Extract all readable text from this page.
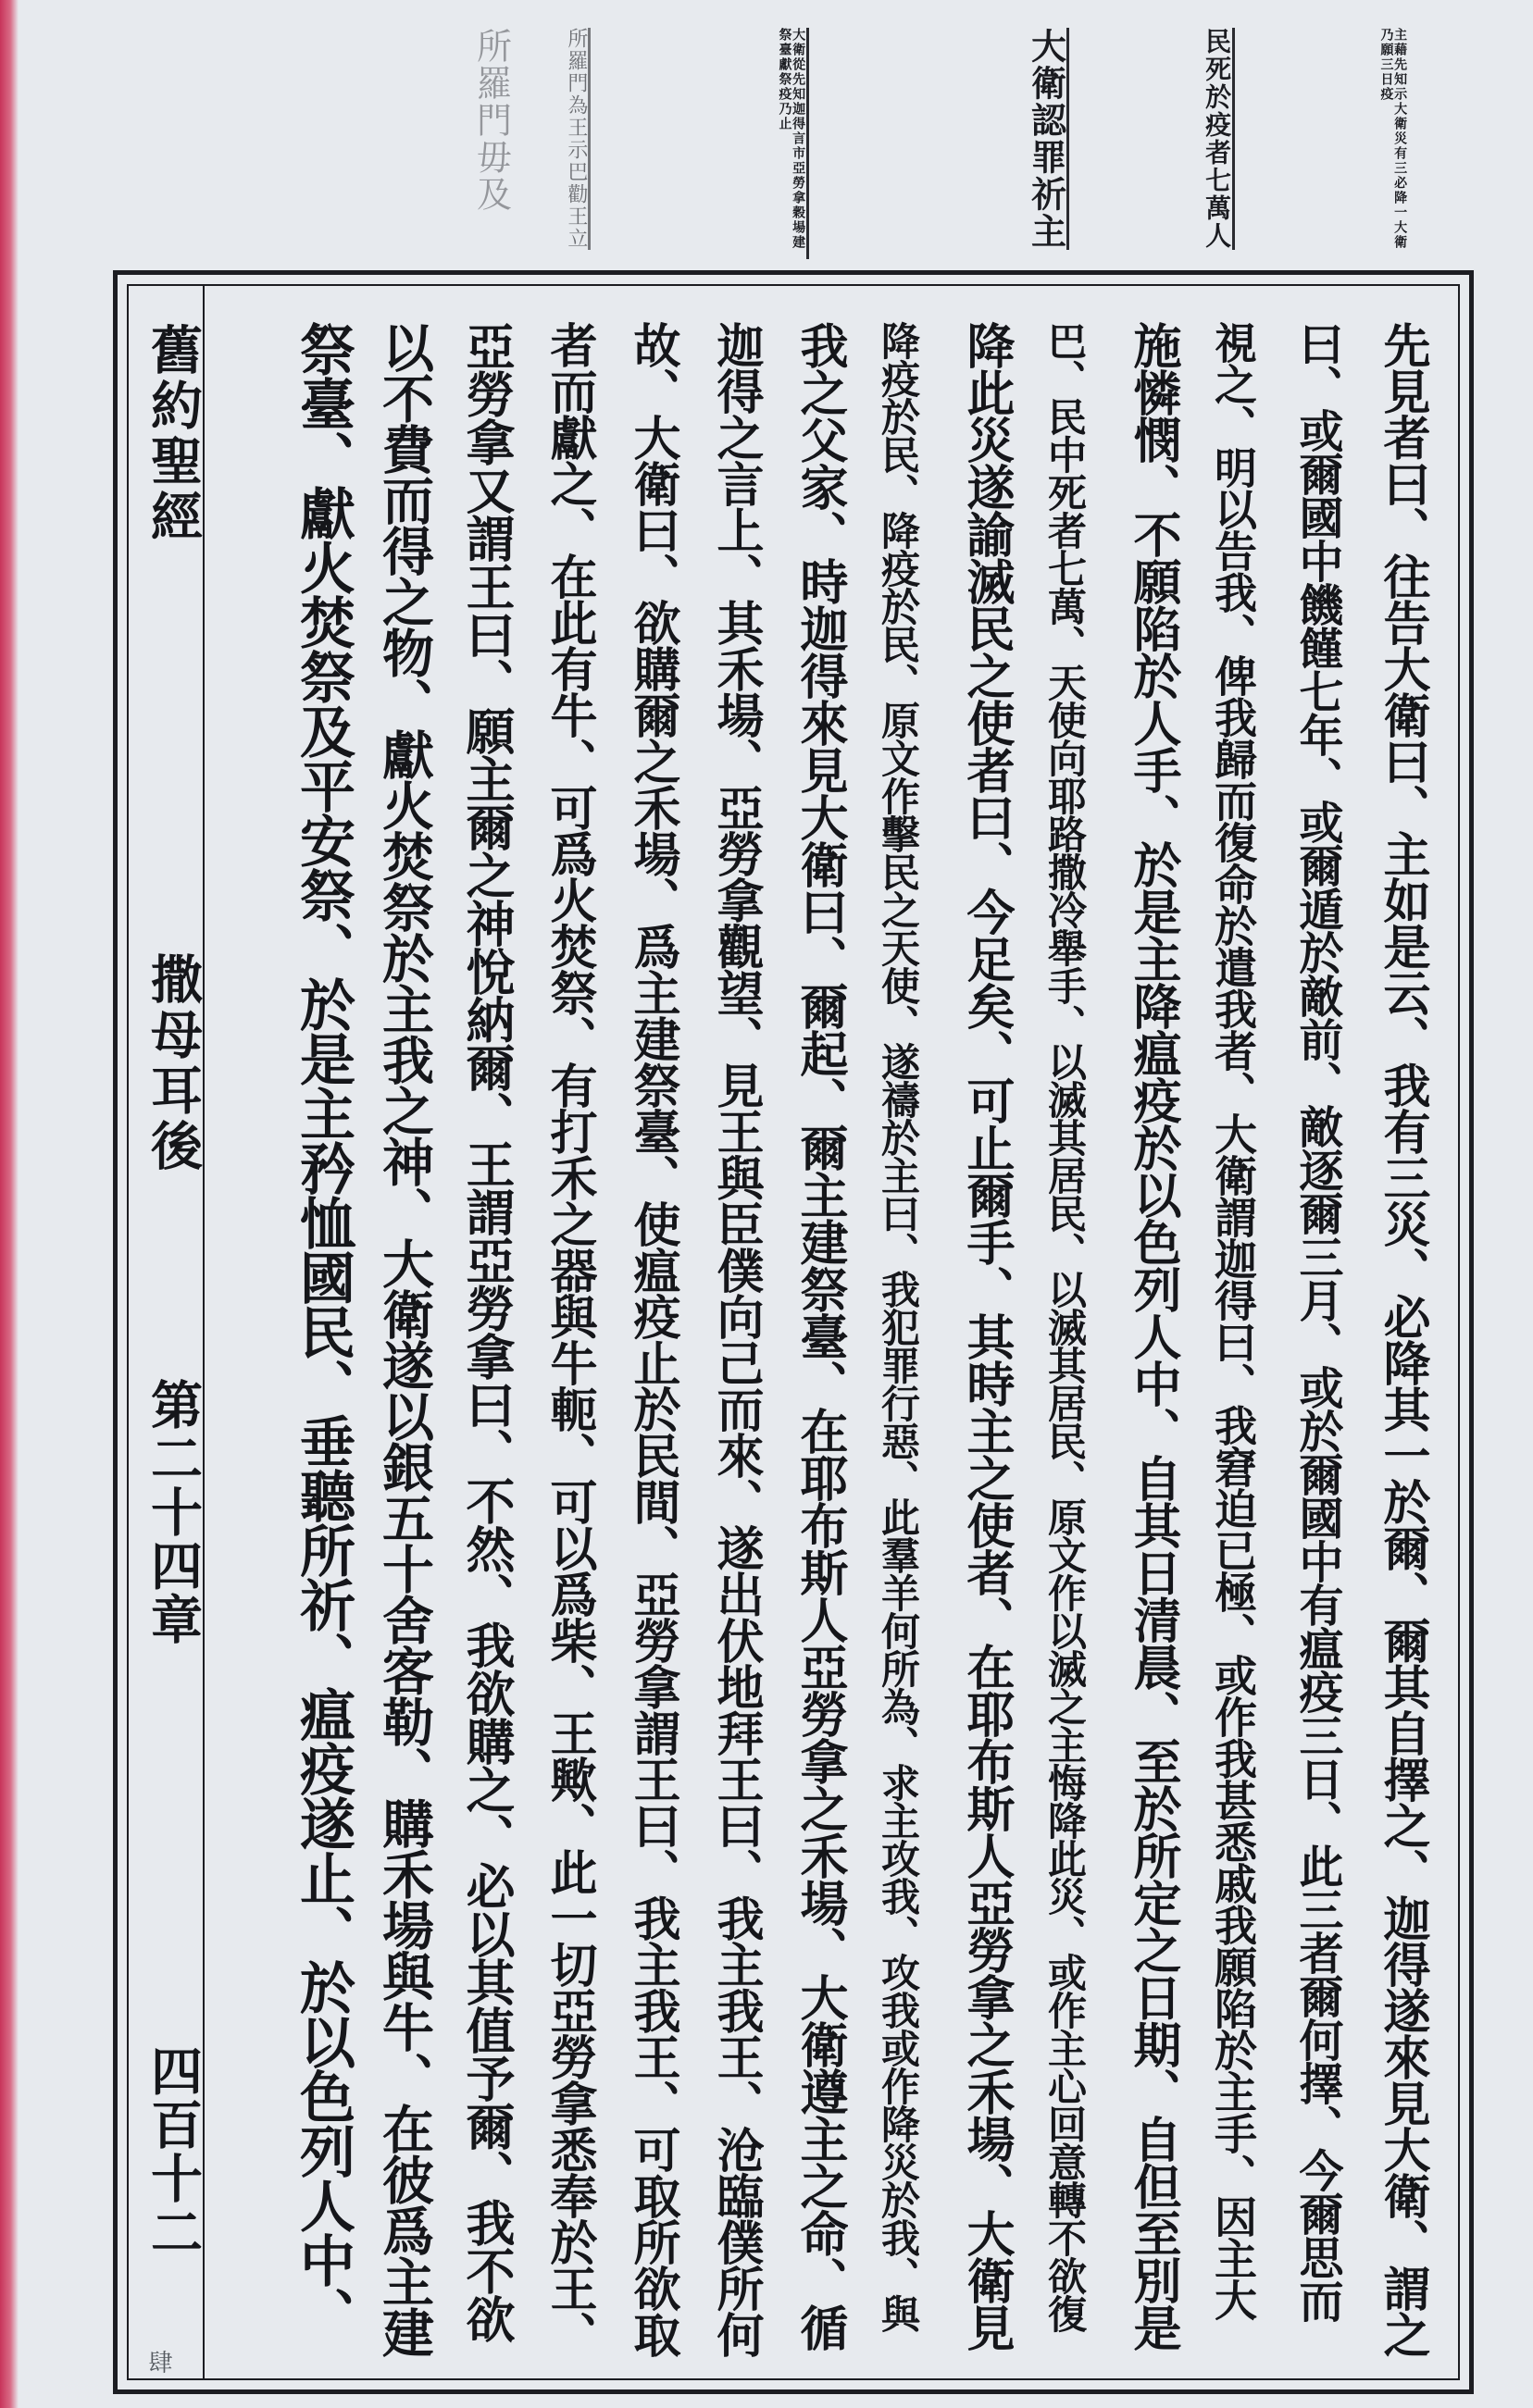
主藉先知示大衛災有三必降一大衛乃願三日疫
民死於疫者七萬人
大衛認罪祈主
大衛從先知迦得言市亞勞拿穀場建祭臺獻祭疫乃止
所羅門為王示巴勸王立
所羅門毋及
舊約聖經
撒母耳後
第二十四章
四百十二
肆
先見者曰、往告大衛曰、主如是云、我有三災、必降其一於爾、爾其自擇之、迦得遂來見大衛、謂之
曰、或爾國中饑饉七年、或爾遁於敵前、敵逐爾三月、或於爾國中有瘟疫三日、此三者爾何擇、今爾思而
視之、明以告我、俾我歸而復命於遣我者、大衛謂迦得曰、我窘迫已極、或作我甚悉戚我願陷於主手、因主大
施憐憫、不願陷於人手、於是主降瘟疫於以色列人中、自其日清晨、至於所定之日期、自但至別是
巴、民中死者七萬、天使向耶路撒冷舉手、以滅其居民、以滅其居民、原文作以滅之主悔降此災、或作主心回意轉不欲復
降此災遂諭滅民之使者曰、今足矣、可止爾手、其時主之使者、在耶布斯人亞勞拿之禾場、大衛見
降疫於民、降疫於民、原文作擊民之天使、遂禱於主曰、我犯罪行惡、此羣羊何所為、求主攻我、攻我或作降災於我、與
我之父家、時迦得來見大衛曰、爾起、爾主建祭臺、在耶布斯人亞勞拿之禾場、大衛遵主之命、循
迦得之言上、其禾場、亞勞拿觀望、見王與臣僕向己而來、遂出伏地拜王曰、我主我王、沧臨僕所何
故、大衛曰、欲購爾之禾場、爲主建祭臺、使瘟疫止於民間、亞勞拿謂王曰、我主我王、可取所欲取
者而獻之、在此有牛、可爲火焚祭、有打禾之器與牛軛、可以爲柴、王歟、此一切亞勞拿悉奉於王、
亞勞拿又謂王曰、願主爾之神悅納爾、王謂亞勞拿曰、不然、我欲購之、必以其值予爾、我不欲
以不費而得之物、獻火焚祭於主我之神、大衛遂以銀五十舍客勒、購禾場與牛、在彼爲主建
祭臺、獻火焚祭及平安祭、於是主矜恤國民、垂聽所祈、瘟疫遂止、於以色列人中、
